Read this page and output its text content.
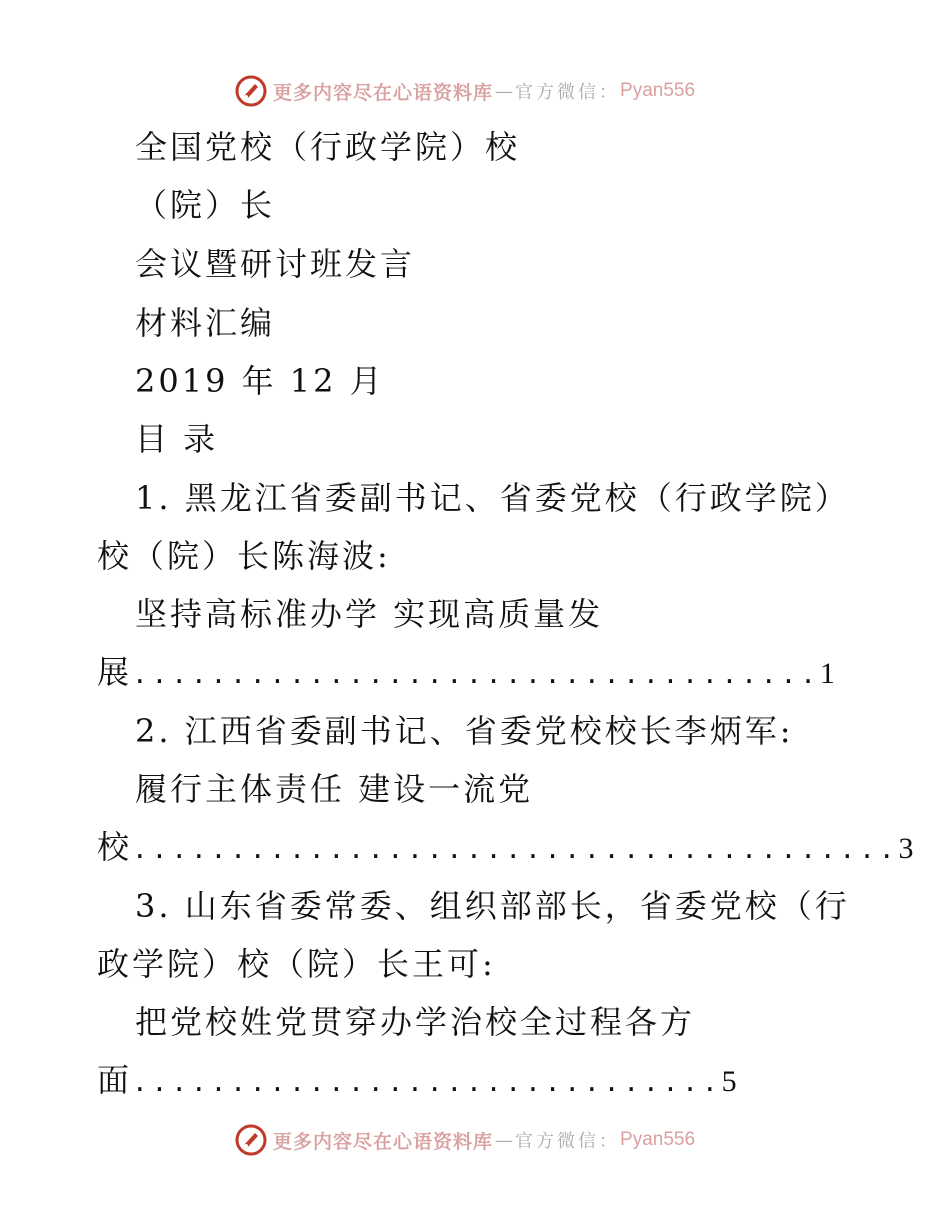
更多内容尽在心语资料库 — 官方微信： Pyan556
全国党校（行政学院）校
（院）长
会议暨研讨班发言
材料汇编
2019 年 12 月
目 录
1. 黑龙江省委副书记、省委党校（行政学院）
校（院）长陈海波:
坚持高标准办学 实现高质量发
展 ................................... 1
2. 江西省委副书记、省委党校校长李炳军:
履行主体责任 建设一流党
校 ....................................... 3
3. 山东省委常委、组织部部长，省委党校（行
政学院）校（院）长王可:
把党校姓党贯穿办学治校全过程各方
面 .............................. 5
更多内容尽在心语资料库 — 官方微信： Pyan556
